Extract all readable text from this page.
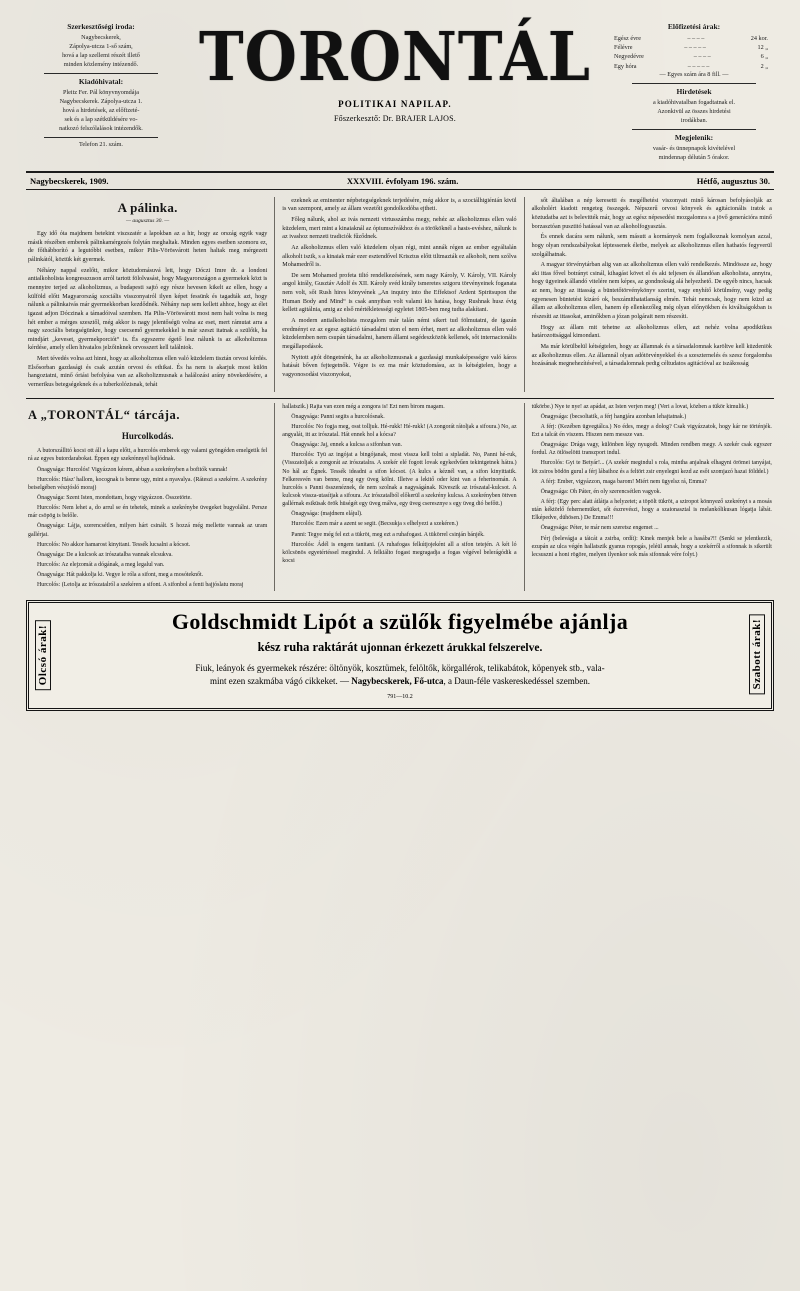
Szerkesztőségi iroda:
Nagybecskerek,
Zápolya-utcza 1-ső szám,
hová a lap szellemi részét illető
minden közlemény intézendő.
Kiadóhivatal:
Pleitz Fer. Pál könyvnyomdája
Nagybecskerek. Zápolya-utcza 1.
hová a hirdetések, az előfizeté-
sek és a lap szétküldésére vo-
natkozó felszólalások intézendők.
Telefon 21. szám.
TORONTÁL
POLITIKAI NAPILAP.
Főszerkesztő: Dr. BRAJER LAJOS.
Előfizetési árak:
Egész évre	– – – –	24 kor.
Félévre	– – – – –	12 „
Negyedévre	– – – –	6 „
Egy hóra	– – – – –	2 „
— Egyes szám ára 8 fill. —
Hirdetések
a kiadóhivatalban fogadtatnak el.
Azonkivül az összes hirdetési
irodákban.
Megjelenik:
vasár- és ünnepnapok kivételével
mindennap délután 5 órakor.
Nagybecskerek, 1909.	XXXVIII. évfolyam 196. szám.	Hétfő, augusztus 30.
A pálinka.
— augusztus 30. —

Egy idő óta majdnem betekint viszszatér a lapokban az a hir, hogy az ország egyik vagy másik részében emberek pálinkamérgezés folytán meghaltak. Minden egyes esetben szomoru ez, de főihábborító a legutóbbi esetben, mikor Pilis-Vörösvárott heten haltak meg mérgezett pálinkától, köztük két gyermek.

Néhány nappal ezelőtt, mikor köztudomásuvá lett, hogy Dóczi Imre dr. a londoni antialkoholista kongresszuson arról tartott fölolvasást, hogy Magyarországon a gyermekek közt is mennyire terjed az alkoholizmus, a budapesti sajtó egy része hevesen kikelt az ellen, hogy a külföld előtt Magyarország szociális visszonyairól ilyen képet fessünk és tagadták azt, hogy nálunk a pálinkaivás már gyermekkorban kezdődnék. Néhány nap sem kellett ahhoz, hogy az élet igazat adjon Dóczinak a támadóival szemben. Ha Pilis-Vörösvárott most nem halt volna is meg hét ember a mérges szesztől, még akkor is nagy jelentőségü volna az eset, mert rámutat arra a nagy szociális betegségünkre, hogy csecsemő gyermekekkel is már szeszt itatnak a szülőik, ha mindjárt „keveset, gyermekporciót“ is. És egyszerre égető lesz nálunk is az alkoholizmus kérdése, amely ellen hivatalos jelzőinknek orvosszert kell találniok.

Mert tévedés volna azt hinni, hogy az alkoholizmus ellen való küzdelem tisztán orvosi kérdés. Elsősorban gazdasági és csak azután orvosi és ethikai. És ha nem is akarjuk most külön hangoztatni, minő óriási befolyása van az alkoholizmusnak a halálozási arány növekedésére, a vernerikus betegségeknek és a tuberkolózisnak, tehát

ezeknek az eminenter népbetegségeknek terjedésére, még akkor is, a szociálhigiénián kivül is van szempont, amely az állam vezetőit gondolkodóba ejtheti.

Főleg nálunk, ahol az ivás nemzeti virtusszámba megy, nehéz az alkoholizmus ellen való küzdelem, mert mint a kinaiaknál az ópiumszívákhoz és a törököknél a hasis-evéshez, nálunk is az ivashoz nemzeti tradiciók fűződnek.

Az alkoholizmus ellen való küzdelem olyan régi, mint annák régen az ember egyáltalán alkoholt iszik, s a kinaiak már ezer esztendővel Krisztus előtt tiltmazták ez alkoholt, nem szólva Mohamedről is.

De sem Mohamed profeta tiltó rendelkezésének, sem nagy Károly, V. Károly, VII. Károly angol király, Gusztáv Adolf és XII. Károly svéd király ismeretes szigoru törvényeinek foganata nem volt, sőt Rush hires könyvének „An inquiry into the Effektsof Ardent Spiritsupon the Human Body and Mind“ is csak annyiban volt valami kis hatása, hogy Rushnak husz évig kellett agitálnia, amig az első mértékletességi egyletet 1805-ben meg tudta alakítani.

A modern antialkoholista mozgalom már talán némi sikert tud fölmutatni, de igazán eredményt ez az egesz agitáció társadalmi uton el nem érhet, mert az alkoholizmus ellen való küzdelemben nem csupán társadalmi, hanem állami segédeszközök kellenek, sőt internacionális megállapodások.

Nyitott ajtót döngetnénk, ha az alkoholizmusnak a gazdasági munkaképességre való káros hatását bőven fejtegetnők. Végre is ez ma már köztudomásu, az is kétségtelen, hogy a vagyonosodási viszonyokat,

sőt általában a nép keresetti és megélhetési viszonyait minő károsan befolyásolják az alkoholért kiadott rengeteg összegek. Népszerű orvosi könyvek és agitácionális iratok a köztudatba azt is belevitték már, hogy az egész népesedési mozgalomra s a jövő generációra minő borzasztóan pusztitó hatással van az alkoholfogyasztás.

És ennek dacára sem nálunk, sem másutt a kormányok nem foglalkoznak komolyan azzal, hogy olyan rendszabályokat léptessenek életbe, melyek az alkoholizmus ellen hathatós fegyverül szolgálhatnak.

A magyar törvénytárban alig van az alkoholizmus ellen való rendelkezés. Mindössze az, hogy aki ittas fővel botrányt csinál, kihagást követ el és aki teljesen és állandóan alkoholista, annyira, hogy ügyeinek állandó vitelére nem képes, az gondnokság alá helyezhető. De egyéb nincs, hacsak az nem, hogy az ittasság a büntetőtörvénykönyv szerint, vagy enyhítő körülmény, vagy pedig egyenesen büntetést kizáró ok, beszámithatatlanság elmén. Tehát nemcsak, hogy nem küzd az állam az alkoholizmus ellen, hanem ép ellenkezőleg még olyan előnyökben és kiváltságokban is részesíti az ittasokat, aminőkben a józan polgárait nem részesíti.

Hogy az állam mit tehetne az alkoholizmus ellen, azt nehéz volna apodiktikus határozottsággal kimondani.

Ma már körülbelül kétségtelen, hogy az államnak és a társadalomnak karöltve kell küzdeniök az alkoholizmus ellen. Az államnál olyan adótörvényekkel és a szeszternelés és szesz forgalomba hozásának megnehezítésével, a társadalomnak pedig céltudatos agitációval az iszákosság

A „TORONTÁL“ tárcája.
Hurcolkodás.

A butorszállitó kocsi ott áll a kapu előtt, a hurcolós emberek egy valami gyöngéden emelgetik fel rá az egyes butordarabokat. Éppen egy szekrénnyel bajlódnak.

Önagysága: Hurcolós! Vigyázzon kérem, abban a szekrényben a bofitók vannak!

Hurcolós: Hász' hallom, kocognak is benne ugy, mint a nyavalya. (Ráteszi a szekérre. A szekrény beiselgében vészjósló moraj)

Önagysága: Szent Isten, mondottam, hogy vigyázzon. Összetörte.

Hurcolós: Nem lehet a, do arrul se én tehetek, minek a szekrénybe üvegeket bugyolálni. Persze már csöpög is belőle.

Önagysága: Lájja, szerencsétlen, milyen hárt csinált. S hozzá még mellette vannak az uram gallérjai.

Hurcolós: No akkor hamarost kinyitani. Tessék lucsalni a kócsot.

Önagysága: De a kulcsok az irószatalba vannak elcsukva.

Hurcolós: Az elejzomát a dógának, a meg legalul van.

Önagysága: Hát pakkolja ki. Vegye le róla a sifont, meg a mosóteknőt.

Hurcolós: (Letolja az irószatalról a szekéren a sifont. A sifonbol a fenti bajjóslatu moraj

hallatszik.) Rajta van ezen még a zongora is! Ezt nem birom magam.

Önagysága: Panni segits a hurcolósnak.

Hurcolós: No fogja meg, osst tolljuk. Hé-rukk! Hé-rukk! (A zongorát rátoljak a sifoura.) No, az angyalát, itt az irószatal. Hát ennek hol a kócsa?

Önagysága: Jaj, ennek a kulcsa a sifonban van.

Hurcolós: Tyü az ingójat a bingójanak, most vissza kell tolni a sipladát. No, Panni hé-ruk, (Visszatoljak a zongorát az irószatalra. A szekér elé fogott lovak egykedvűen tekintgetnek hátra.) No hál az Égnek. Tessék ideadni a sifon kócsot. (A kulcs a kéznél van, a sifon kinyittatik. Felkeresvén van benne, meg egy üveg kölni. Illetve a lekitő oder kint van a feherinomán. A hurcolós s Panni összenéznek, de nem szolnak a nagyságának. Kiveszik az irószatal-kulcsot. A kulcsok vissza-utasítjak a sifoura. Az irószatalból előkerül a szekrény kulcsa. A szekrényben öttven gallérnak esiküsak örök hüségét egy üveg málva, egy üveg cseresznye s egy üveg dió befőtt.)

Önagysága: (majdnem elájul).

Hurcolós: Ezen már a azent se segit. (Becsukja s elhelyezi a szekéren.)

Panni: Tegye még fel ezt a tükröt, meg ezt a ruhafogast. A tükörrel csinján bánjék.

Hurcolós: Ádél is engem tanitani. (A ruhafogas felkútjojeként all a sifon tetején. A két ló kölcsönös egyetértéssel megindul. A felkiálto fogast megragadja a fogas végével belerágódik a kocsi

tükörbe.) Nye te nye! az apádat, az Isten verjen meg! (Veri a lovat, közben a tükör kimulik.)

Önagysága: (becsoltatik, a férj hangjára azonban lehajtatnak.)

A férj: (Kezében ügvegtálca.) No édes, megy a dolog? Csak vigyázzatok, hogy kár ne történjék. Ezt a talcát én viszem. Hiszen nem messze van.

Önagysága: Drága vagy, különben légy nyugodt. Minden rendben megy. A szekér csak egyszer fordul. Az ötlöselötti transzport indul.

Hurcolós: Gyi te Betyár!... (A szekér megindul s rola, mintha anjalnak elhagyni örömei tanyájat, löt zsiros bödön gurul a férj lábaihoz és a feltört zsir enyelegni kezd az esőt szomjazó hazai földdel.)

A férj: Ember, vigyázzon, maga barom! Miért nem ügyelsz rá, Emma?

Önagysága: Oh Páter, én oly szerencsétlen vagyok.

A férj: (Egy perc alatt átlátja a helyzetet; a töpölt tükröt, a sziropot könnyező szekrényt s a mosás után kéktörlő fehernemüket, sőt észrevészi, hogy a szaionasztal is melankólikusan lógatja lábát. Elképedve, dühösen.) De Emma!!!

Önagysága: Péter, te már nem szeretsz engemet ...

Férj (belevágja a táicát a zsirba, ordít): Kinek menjek bele a hasába?!! (Senki se jelentkezik, ezupán az ulca végén hallatszik gyanus ropogás, jeléül annak, hogy a szekérről a sifonnak is sikerült lecsuszni a honi rögöre, melyen ilyenkor sok más sifonnak vére folyt.)

Olcsó árak!
Goldschmidt Lipót a szülők figyelmébe ajánlja
kész ruha raktárát ujonnan érkezett árukkal felszerelve.
Fiuk, leányok és gyermekek részére: öltönyök, kosztümek, felöltők, körgallérok, telikabátok, köpenyek stb., vala-
mint ezen szakmába vágó cikkeket. — Nagybecskerek, Fő-utca, a Daun-féle vaskereskedéssel szemben.
791—10.2
Szabott árak!
